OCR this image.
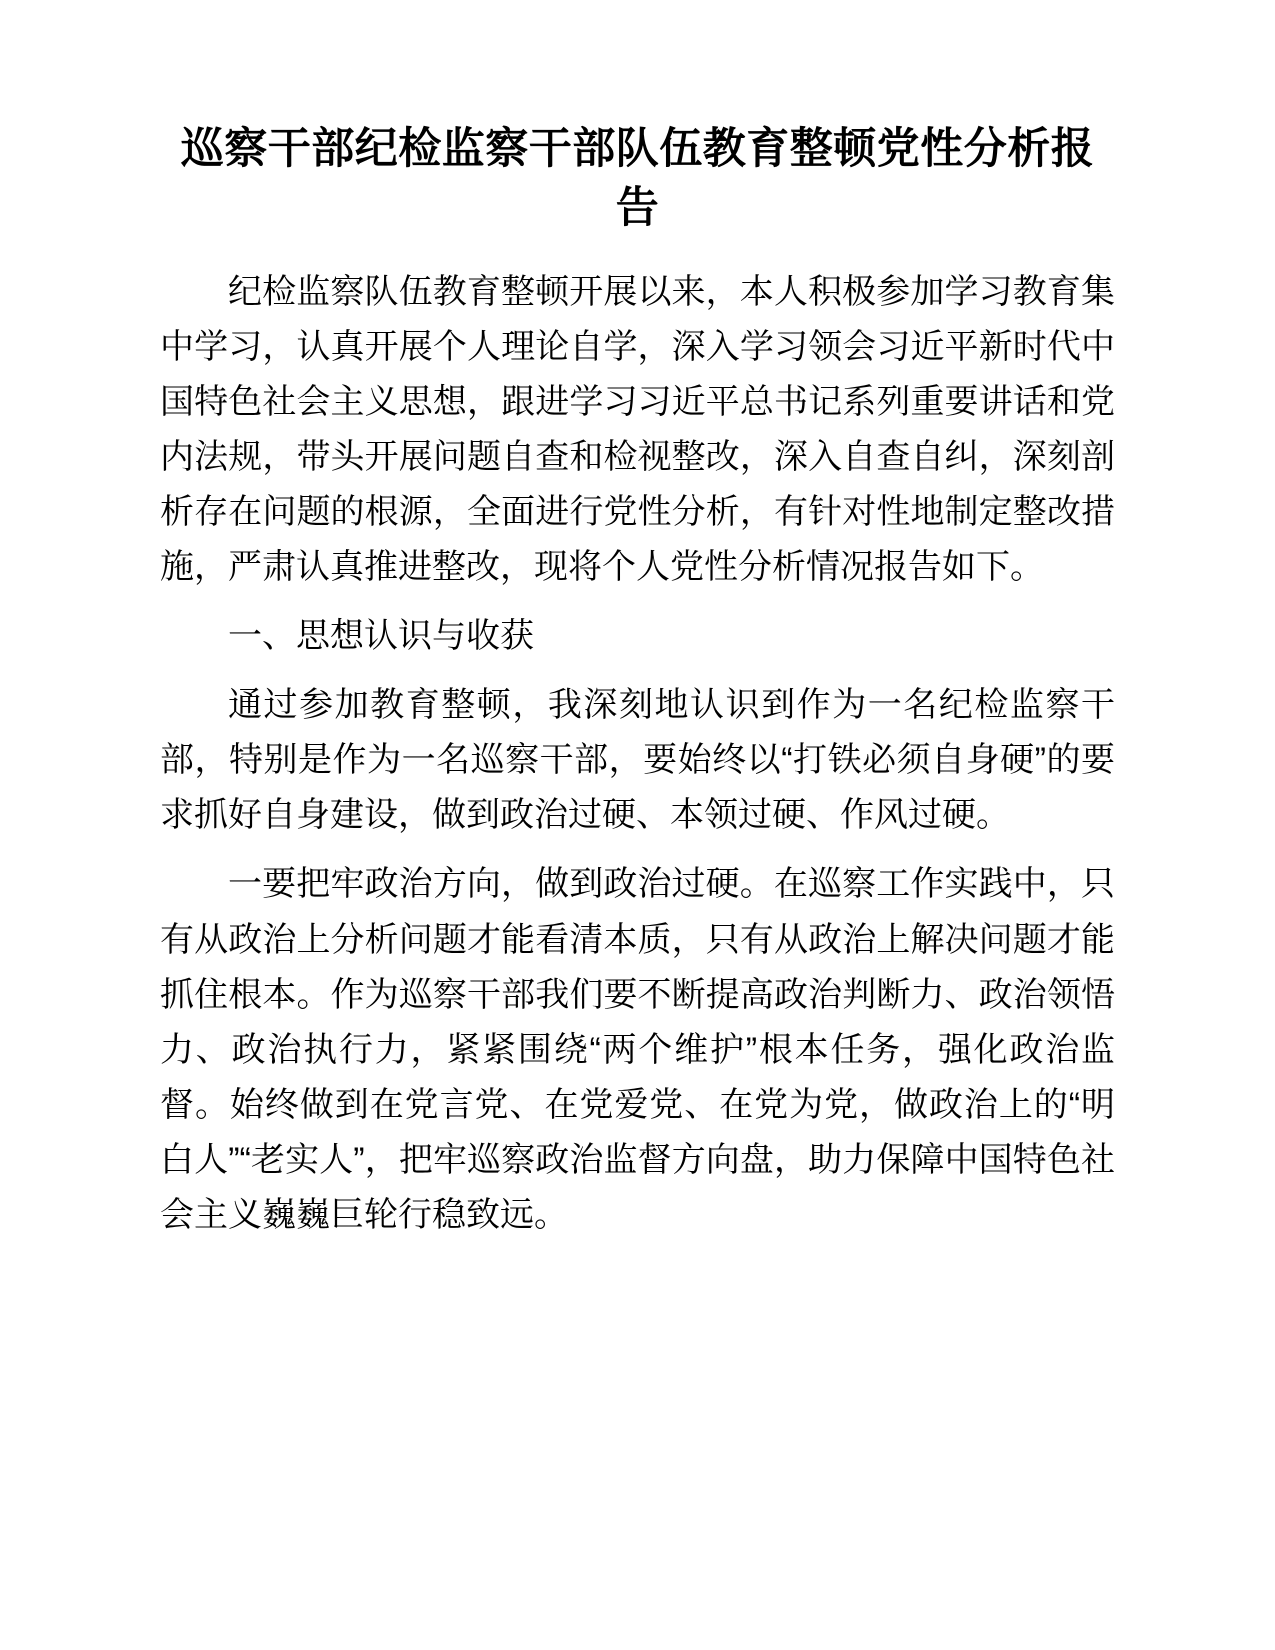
巡察干部纪检监察干部队伍教育整顿党性分析报告

纪检监察队伍教育整顿开展以来，本人积极参加学习教育集中学习，认真开展个人理论自学，深入学习领会习近平新时代中国特色社会主义思想，跟进学习习近平总书记系列重要讲话和党内法规，带头开展问题自查和检视整改，深入自查自纠，深刻剖析存在问题的根源，全面进行党性分析，有针对性地制定整改措施，严肃认真推进整改，现将个人党性分析情况报告如下。

一、思想认识与收获

通过参加教育整顿，我深刻地认识到作为一名纪检监察干部，特别是作为一名巡察干部，要始终以“打铁必须自身硬”的要求抓好自身建设，做到政治过硬、本领过硬、作风过硬。

一要把牢政治方向，做到政治过硬。在巡察工作实践中，只有从政治上分析问题才能看清本质，只有从政治上解决问题才能抓住根本。作为巡察干部我们要不断提高政治判断力、政治领悟力、政治执行力，紧紧围绕“两个维护”根本任务，强化政治监督。始终做到在党言党、在党爱党、在党为党，做政治上的“明白人”“老实人”，把牢巡察政治监督方向盘，助力保障中国特色社会主义巍巍巨轮行稳致远。
